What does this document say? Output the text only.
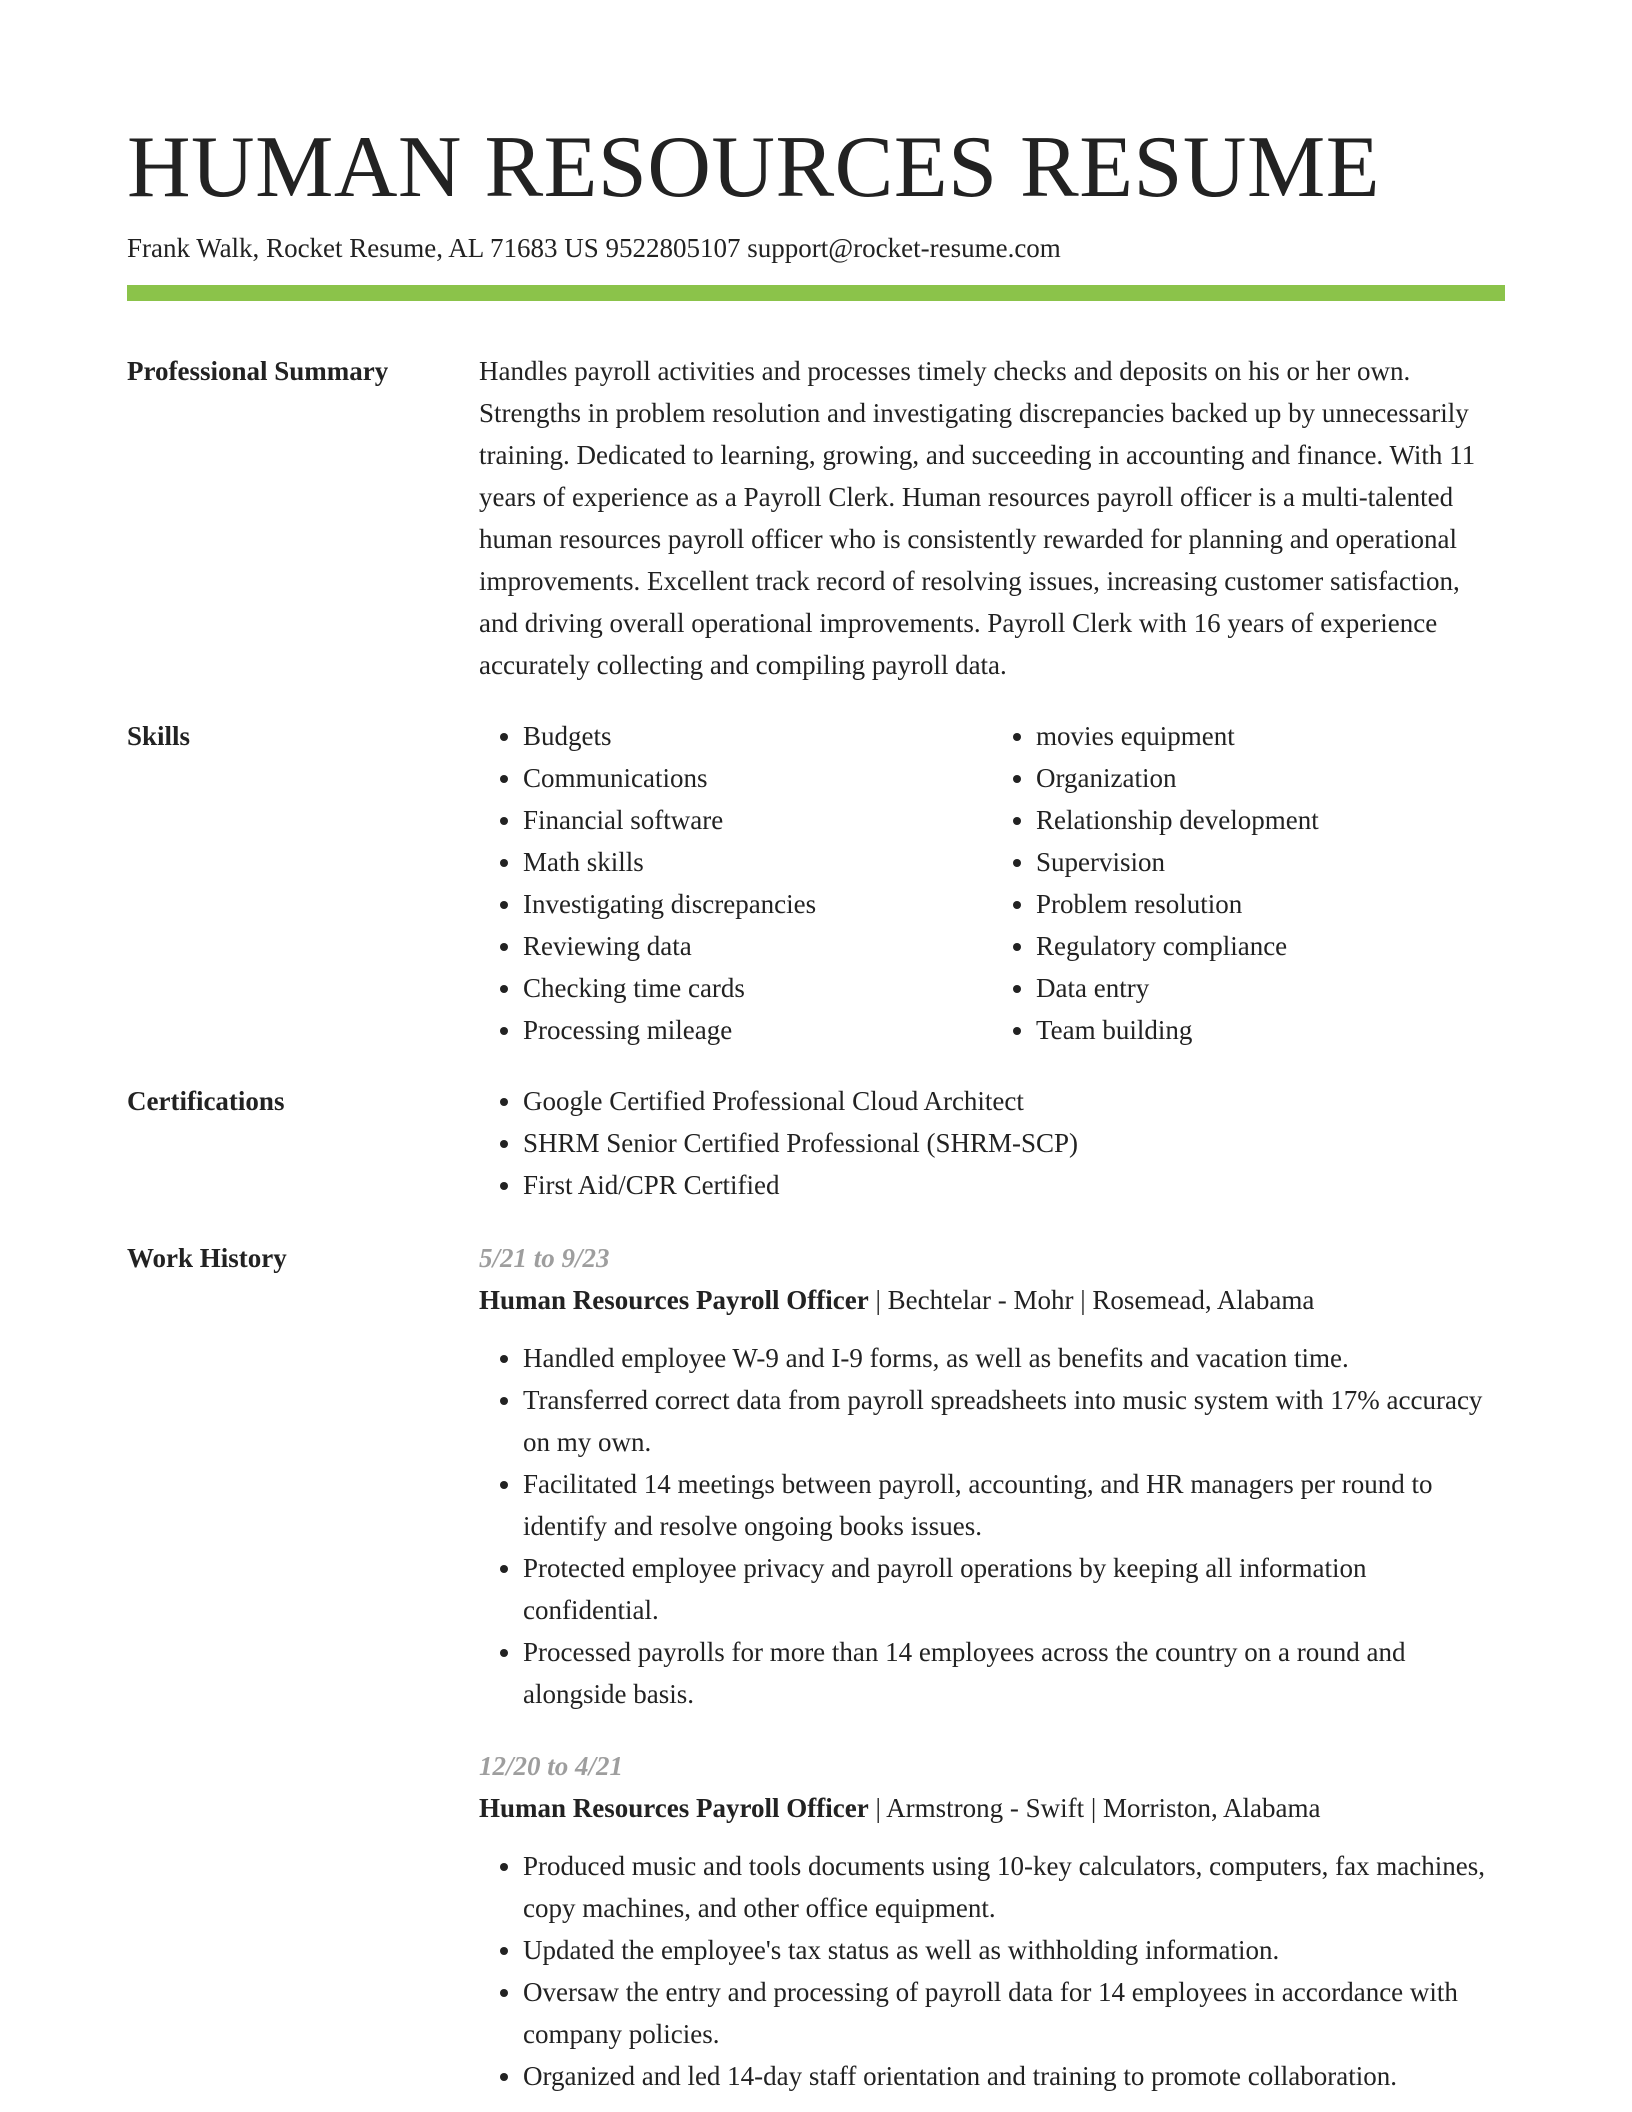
HUMAN RESOURCES RESUME
Frank Walk, Rocket Resume, AL 71683 US 9522805107 support@rocket-resume.com
Professional Summary	Handles payroll activities and processes timely checks and deposits on his or her own. Strengths in problem resolution and investigating discrepancies backed up by unnecessarily training. Dedicated to learning, growing, and succeeding in accounting and finance. With 11 years of experience as a Payroll Clerk. Human resources payroll officer is a multi-talented human resources payroll officer who is consistently rewarded for planning and operational improvements. Excellent track record of resolving issues, increasing customer satisfaction, and driving overall operational improvements. Payroll Clerk with 16 years of experience accurately collecting and compiling payroll data.

Skills	• Budgets
• Communications
• Financial software
• Math skills
• Investigating discrepancies
• Reviewing data
• Checking time cards
• Processing mileage
• movies equipment
• Organization
• Relationship development
• Supervision
• Problem resolution
• Regulatory compliance
• Data entry
• Team building
Certifications	• Google Certified Professional Cloud Architect
• SHRM Senior Certified Professional (SHRM-SCP)
• First Aid/CPR Certified
Work History	5/21 to 9/23
Human Resources Payroll Officer | Bechtelar - Mohr | Rosemead, Alabama
• Handled employee W-9 and I-9 forms, as well as benefits and vacation time.
• Transferred correct data from payroll spreadsheets into music system with 17% accuracy on my own.
• Facilitated 14 meetings between payroll, accounting, and HR managers per round to identify and resolve ongoing books issues.
• Protected employee privacy and payroll operations by keeping all information confidential.
• Processed payrolls for more than 14 employees across the country on a round and alongside basis.
12/20 to 4/21
Human Resources Payroll Officer | Armstrong - Swift | Morriston, Alabama
• Produced music and tools documents using 10-key calculators, computers, fax machines, copy machines, and other office equipment.
• Updated the employee's tax status as well as withholding information.
• Oversaw the entry and processing of payroll data for 14 employees in accordance with company policies.
• Organized and led 14-day staff orientation and training to promote collaboration.
